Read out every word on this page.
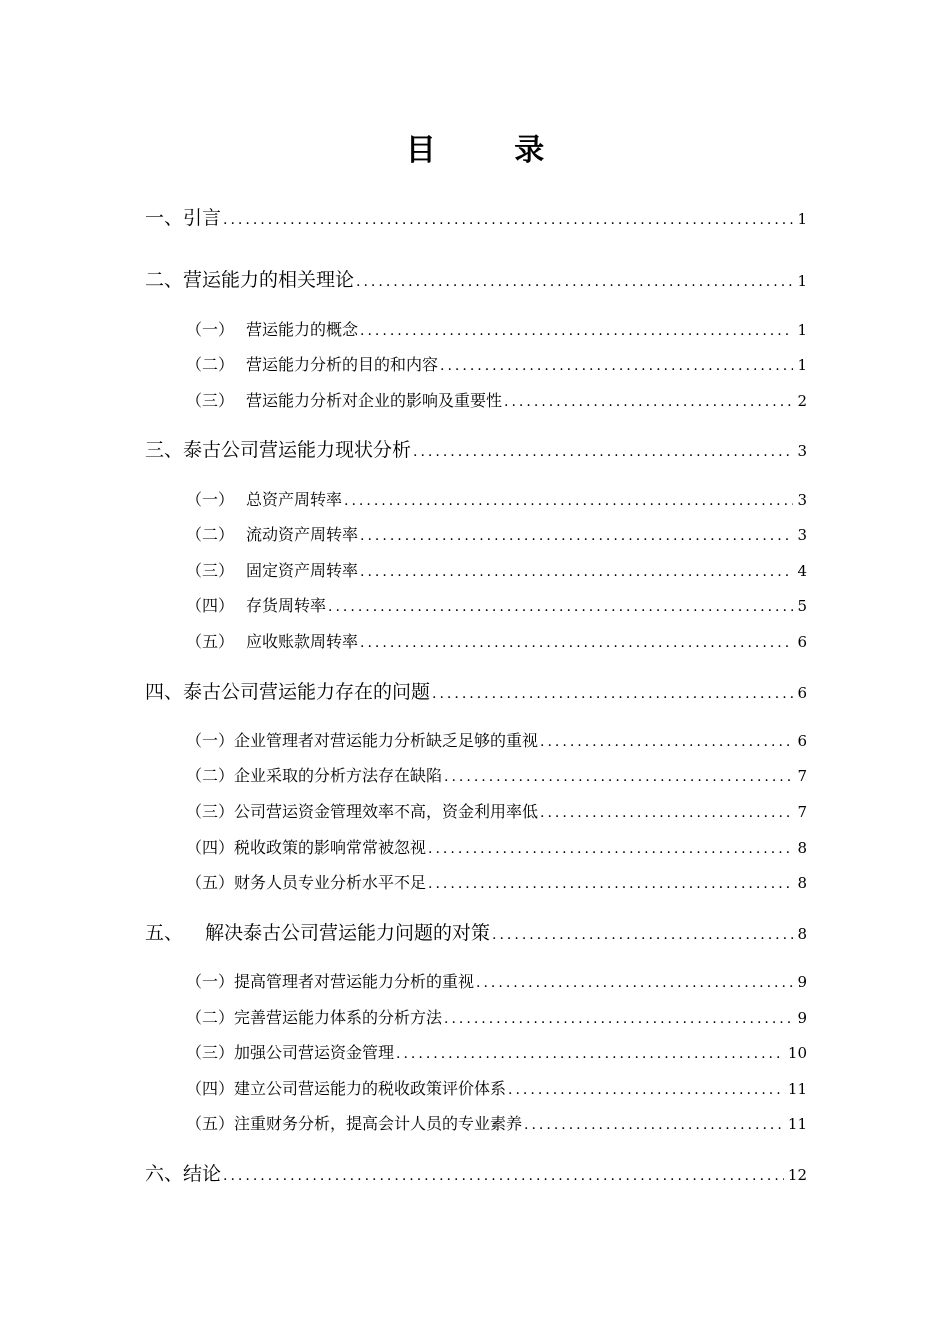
目 录
一、 引言 .....	1
二、 营运能力的相关理论 .....	1
（一） 营运能力的概念 .....	1
（二） 营运能力分析的目的和内容 .....	1
（三） 营运能力分析对企业的影响及重要性 .....	2
三、 泰古公司营运能力现状分析 .....	3
（一） 总资产周转率 .....	3
（二） 流动资产周转率 .....	3
（三） 固定资产周转率 .....	4
（四） 存货周转率 .....	5
（五） 应收账款周转率 .....	6
四、 泰古公司营运能力存在的问题 .....	6
（一） 企业管理者对营运能力分析缺乏足够的重视 .....	6
（二） 企业采取的分析方法存在缺陷 .....	7
（三） 公司营运资金管理效率不高，资金利用率低 .....	7
（四） 税收政策的影响常常被忽视 .....	8
（五） 财务人员专业分析水平不足 .....	8
五、 解决泰古公司营运能力问题的对策 .....	8
（一） 提高管理者对营运能力分析的重视 .....	9
（二） 完善营运能力体系的分析方法 .....	9
（三） 加强公司营运资金管理 .....	10
（四） 建立公司营运能力的税收政策评价体系 .....	11
（五） 注重财务分析，提高会计人员的专业素养 .....	11
六、 结论 .....	12
